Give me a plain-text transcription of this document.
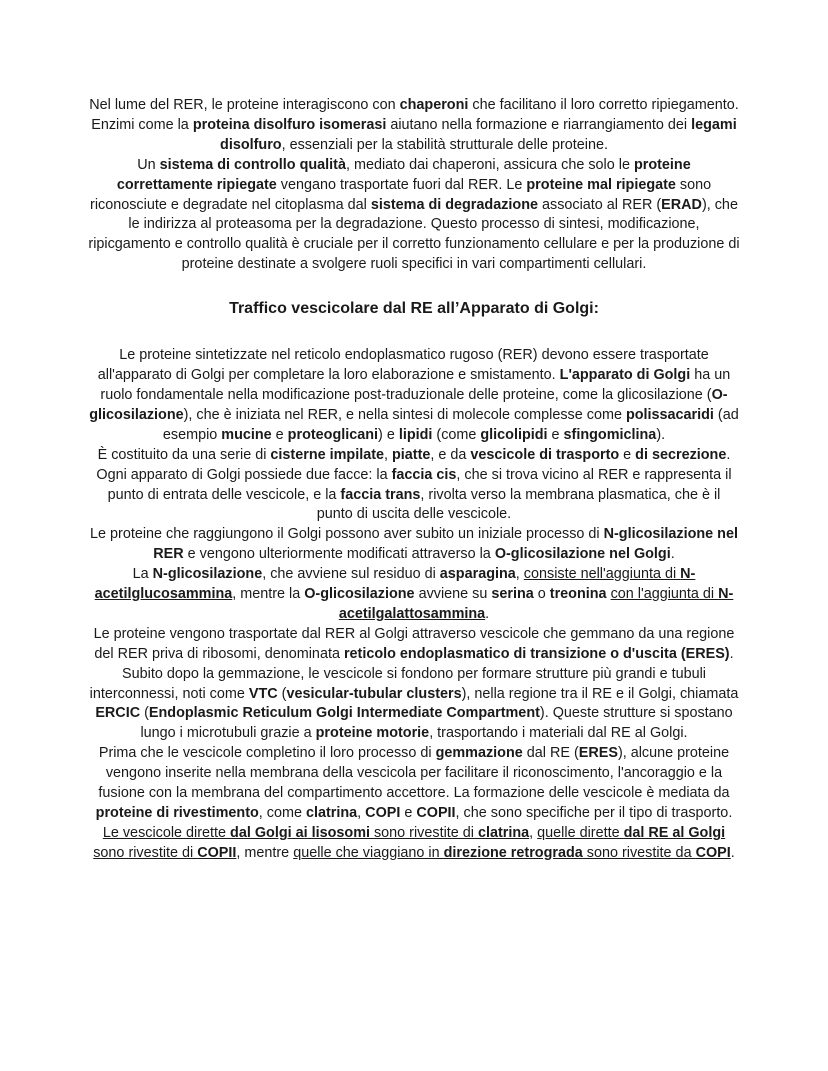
Nel lume del RER, le proteine interagiscono con chaperoni che facilitano il loro corretto ripiegamento. Enzimi come la proteina disolfuro isomerasi aiutano nella formazione e riarrangiamento dei legami disolfuro, essenziali per la stabilità strutturale delle proteine.

Un sistema di controllo qualità, mediato dai chaperoni, assicura che solo le proteine correttamente ripiegate vengano trasportate fuori dal RER. Le proteine mal ripiegate sono riconosciute e degradate nel citoplasma dal sistema di degradazione associato al RER (ERAD), che le indirizza al proteasoma per la degradazione. Questo processo di sintesi, modificazione, ripicgamento e controllo qualità è cruciale per il corretto funzionamento cellulare e per la produzione di proteine destinate a svolgere ruoli specifici in vari compartimenti cellulari.

Traffico vescicolare dal RE all’Apparato di Golgi:

Le proteine sintetizzate nel reticolo endoplasmatico rugoso (RER) devono essere trasportate all'apparato di Golgi per completare la loro elaborazione e smistamento. L'apparato di Golgi ha un ruolo fondamentale nella modificazione post-traduzionale delle proteine, come la glicosilazione (O-glicosilazione), che è iniziata nel RER, e nella sintesi di molecole complesse come polissacaridi (ad esempio mucine e proteoglicani) e lipidi (come glicolipidi e sfingomiclina).

È costituito da una serie di cisterne impilate, piatte, e da vescicole di trasporto e di secrezione.

Ogni apparato di Golgi possiede due facce: la faccia cis, che si trova vicino al RER e rappresenta il punto di entrata delle vescicole, e la faccia trans, rivolta verso la membrana plasmatica, che è il punto di uscita delle vescicole.

Le proteine che raggiungono il Golgi possono aver subito un iniziale processo di N-glicosilazione nel RER e vengono ulteriormente modificati attraverso la O-glicosilazione nel Golgi.

La N-glicosilazione, che avviene sul residuo di asparagina, consiste nell'aggiunta di N-acetilglucosammina, mentre la O-glicosilazione avviene su serina o treonina con l'aggiunta di N-acetilgalattosammina.

Le proteine vengono trasportate dal RER al Golgi attraverso vescicole che gemmano da una regione del RER priva di ribosomi, denominata reticolo endoplasmatico di transizione o d'uscita (ERES). Subito dopo la gemmazione, le vescicole si fondono per formare strutture più grandi e tubuli interconnessi, noti come VTC (vesicular-tubular clusters), nella regione tra il RE e il Golgi, chiamata ERCIC (Endoplasmic Reticulum Golgi Intermediate Compartment). Queste strutture si spostano lungo i microtubuli grazie a proteine motorie, trasportando i materiali dal RE al Golgi.

Prima che le vescicole completino il loro processo di gemmazione dal RE (ERES), alcune proteine vengono inserite nella membrana della vescicola per facilitare il riconoscimento, l'ancoraggio e la fusione con la membrana del compartimento accettore. La formazione delle vescicole è mediata da proteine di rivestimento, come clatrina, COPI e COPII, che sono specifiche per il tipo di trasporto. Le vescicole dirette dal Golgi ai lisosomi sono rivestite di clatrina, quelle dirette dal RE al Golgi sono rivestite di COPII, mentre quelle che viaggiano in direzione retrograda sono rivestite da COPI.
